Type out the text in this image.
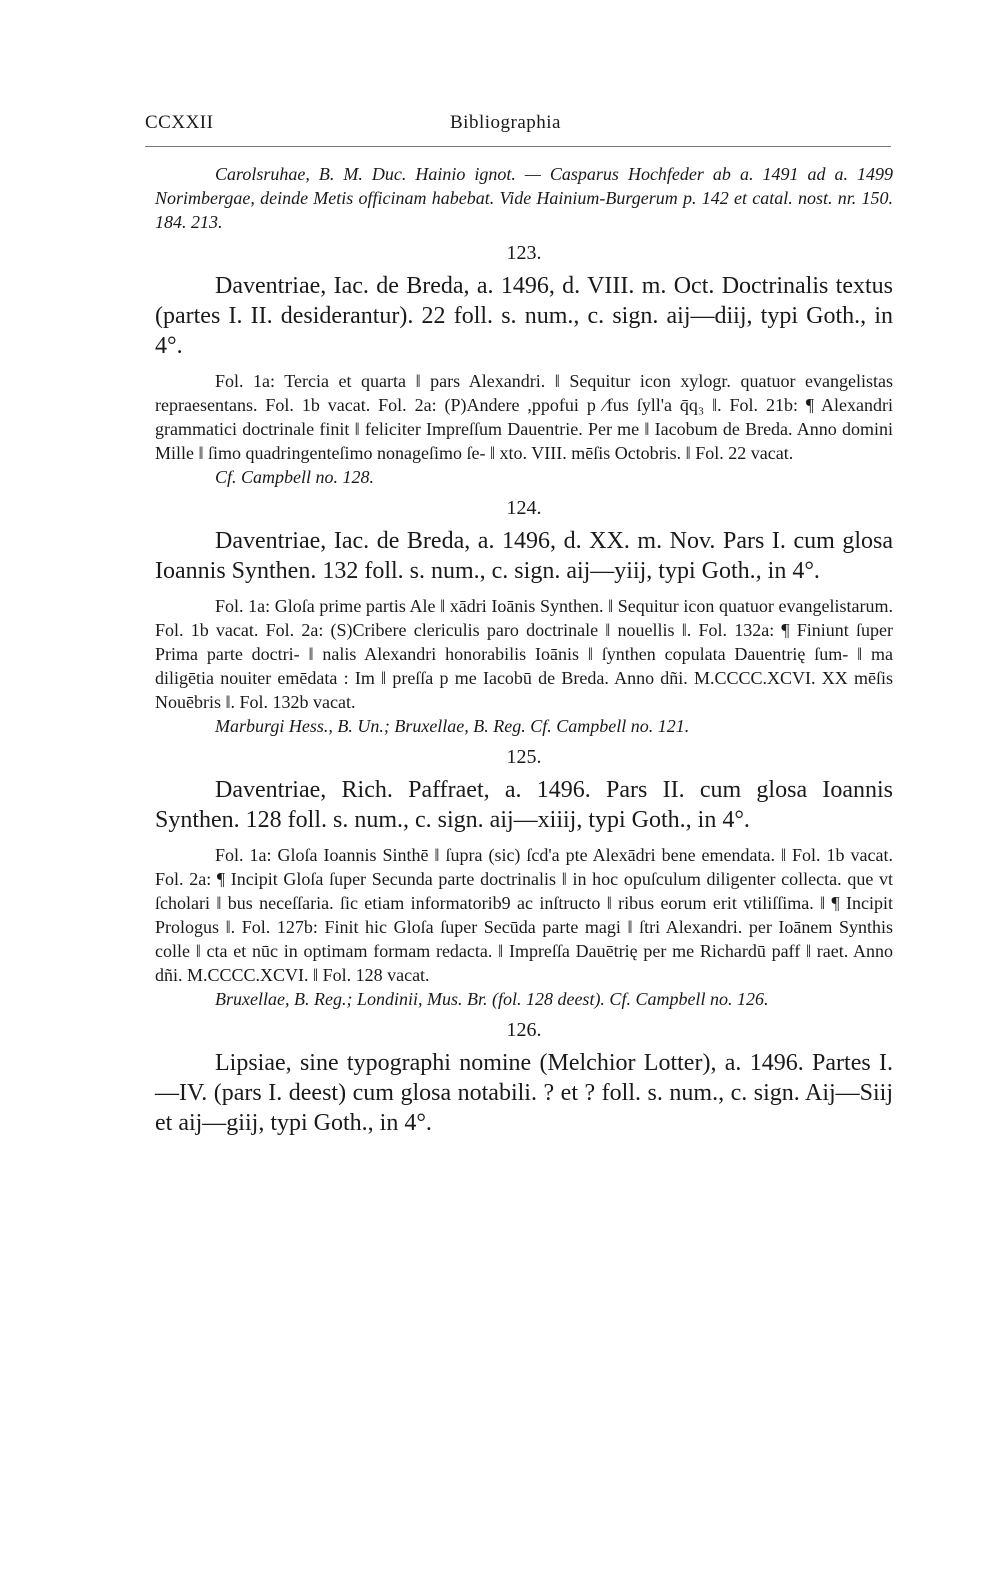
CCXXII	Bibliographia

Carolsruhae, B. M. Duc. Hainio ignot. — Casparus Hochfeder ab a. 1491 ad a. 1499 Norimbergae, deinde Metis officinam habebat. Vide Hainium-Burgerum p. 142 et catal. nost. nr. 150. 184. 213.

123.

Daventriae, Iac. de Breda, a. 1496, d. VIII. m. Oct. Doctrinalis textus (partes I. II. desiderantur). 22 foll. s. num., c. sign. aij—diij, typi Goth., in 4°.

Fol. 1a: Tercia et quarta ‖ pars Alexandri. ‖ Sequitur icon xylogr. quatuor evangelistas repraesentans. Fol. 1b vacat. Fol. 2a: (P)Andere ,ppofui p ∕fus ſyll'a q̄q₃ ‖. Fol. 21b: ¶ Alexandri grammatici doctrinale finit ‖ feliciter Impreſſum Dauentrie. Per me ‖ Iacobum de Breda. Anno domini Mille ‖ ſimo quadringenteſimo nonageſimo ſe- ‖ xto. VIII. mēſis Octobris. ‖ Fol. 22 vacat.

Cf. Campbell no. 128.

124.

Daventriae, Iac. de Breda, a. 1496, d. XX. m. Nov. Pars I. cum glosa Ioannis Synthen. 132 foll. s. num., c. sign. aij—yiij, typi Goth., in 4°.

Fol. 1a: Gloſa prime partis Ale ‖ xādri Ioānis Synthen. ‖ Sequitur icon quatuor evangelistarum. Fol. 1b vacat. Fol. 2a: (S)Cribere clericulis paro doctrinale ‖ nouellis ‖. Fol. 132a: ¶ Finiunt ſuper Prima parte doctri- ‖ nalis Alexandri honorabilis Ioānis ‖ ſynthen copulata Dauentrię ſum- ‖ ma diligētia nouiter emēdata : Im ‖ preſſa p me Iacobū de Breda. Anno dñi. M.CCCC.XCVI. XX mēſis Nouēbris ‖. Fol. 132b vacat.

Marburgi Hess., B. Un.; Bruxellae, B. Reg. Cf. Campbell no. 121.

125.

Daventriae, Rich. Paffraet, a. 1496. Pars II. cum glosa Ioannis Synthen. 128 foll. s. num., c. sign. aij—xiiij, typi Goth., in 4°.

Fol. 1a: Gloſa Ioannis Sinthē ‖ ſupra (sic) ſcd'a pte Alexādri bene emendata. ‖ Fol. 1b vacat. Fol. 2a: ¶ Incipit Gloſa ſuper Secunda parte doctrinalis ‖ in hoc opuſculum diligenter collecta. que vt ſcholari ‖ bus neceſſaria. ſic etiam informatorib9 ac inſtructo ‖ ribus eorum erit vtiliſſima. ‖ ¶ Incipit Prologus ‖. Fol. 127b: Finit hic Gloſa ſuper Secūda parte magi ‖ ſtri Alexandri. per Ioānem Synthis colle ‖ cta et nūc in optimam formam redacta. ‖ Impreſſa Dauētrię per me Richardū paff ‖ raet. Anno dñi. M.CCCC.XCVI. ‖ Fol. 128 vacat.

Bruxellae, B. Reg.; Londinii, Mus. Br. (fol. 128 deest). Cf. Campbell no. 126.

126.

Lipsiae, sine typographi nomine (Melchior Lotter), a. 1496. Partes I.—IV. (pars I. deest) cum glosa notabili. ? et ? foll. s. num., c. sign. Aij—Siij et aij—giij, typi Goth., in 4°.
